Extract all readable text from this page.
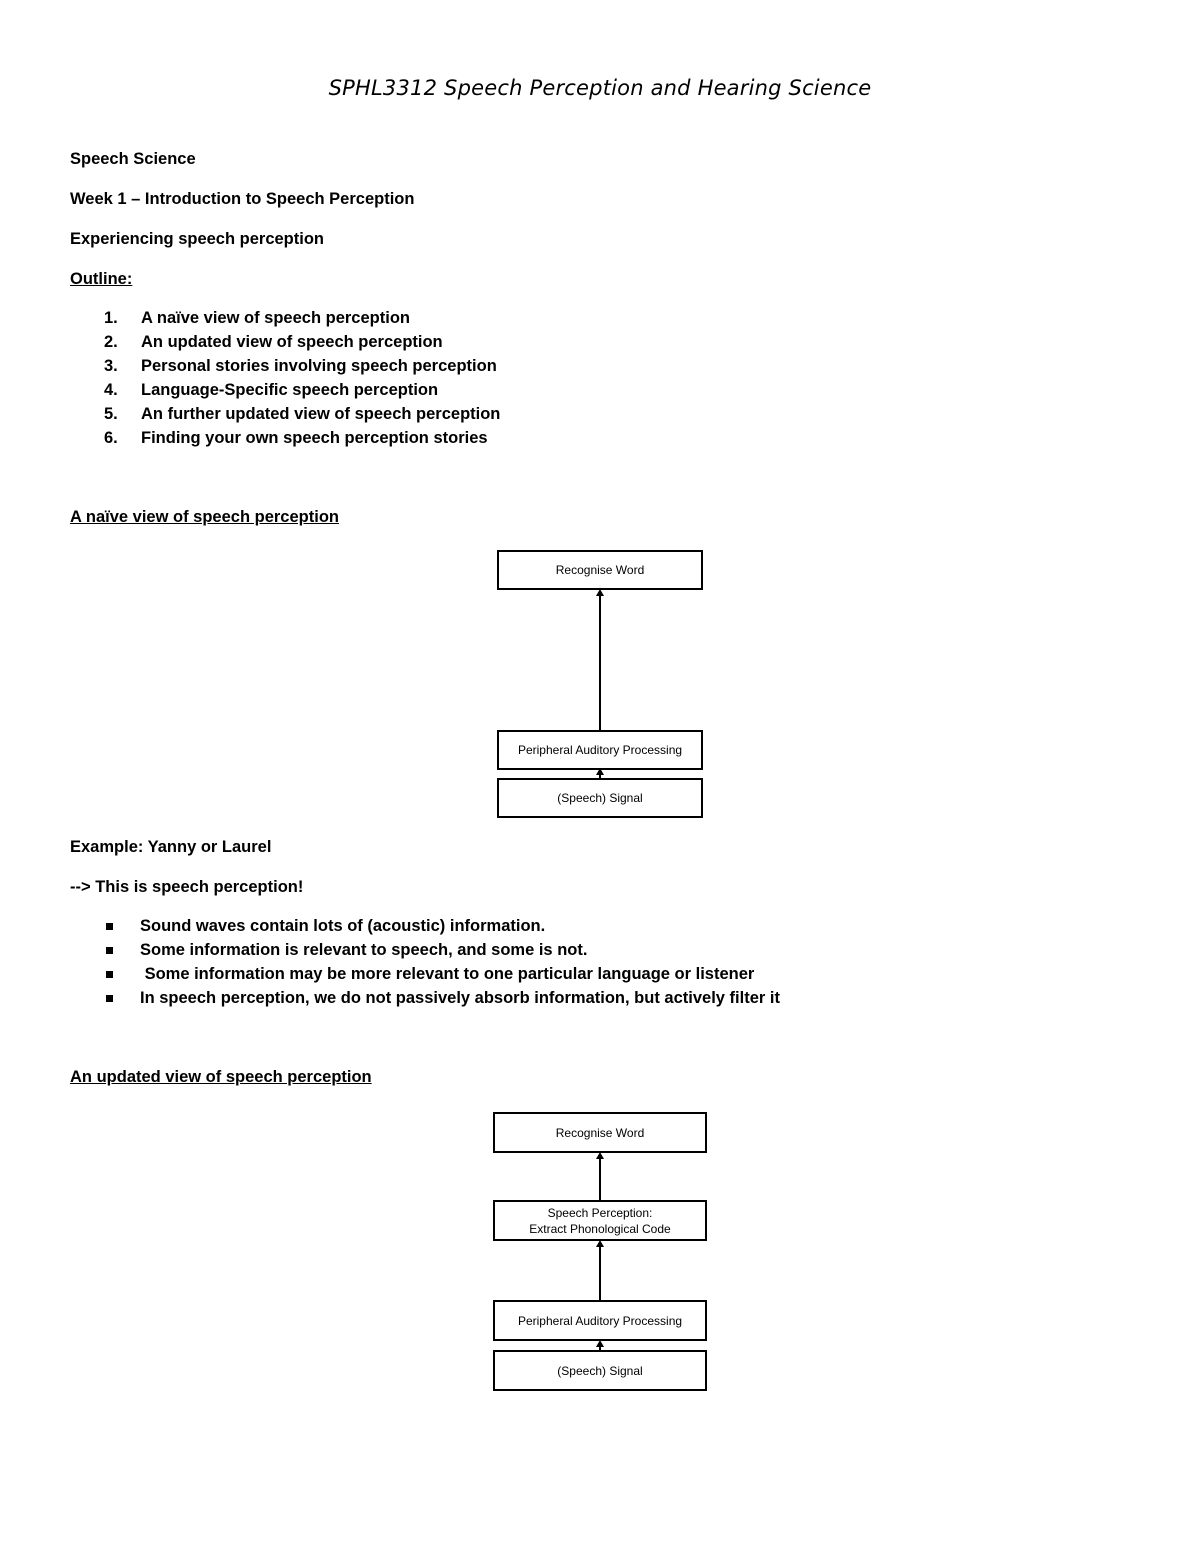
SPHL3312 Speech Perception and Hearing Science
Speech Science
Week 1 – Introduction to Speech Perception
Experiencing speech perception
Outline:
1. A naïve view of speech perception
2. An updated view of speech perception
3. Personal stories involving speech perception
4. Language-Specific speech perception
5. An further updated view of speech perception
6. Finding your own speech perception stories
A naïve view of speech perception
Recognise Word
Peripheral Auditory Processing
(Speech) Signal
Example: Yanny or Laurel
--> This is speech perception!
Sound waves contain lots of (acoustic) information.
Some information is relevant to speech, and some is not.
Some information may be more relevant to one particular language or listener
In speech perception, we do not passively absorb information, but actively filter it
An updated view of speech perception
Recognise Word
Speech Perception:
Extract Phonological Code
Peripheral Auditory Processing
(Speech) Signal
